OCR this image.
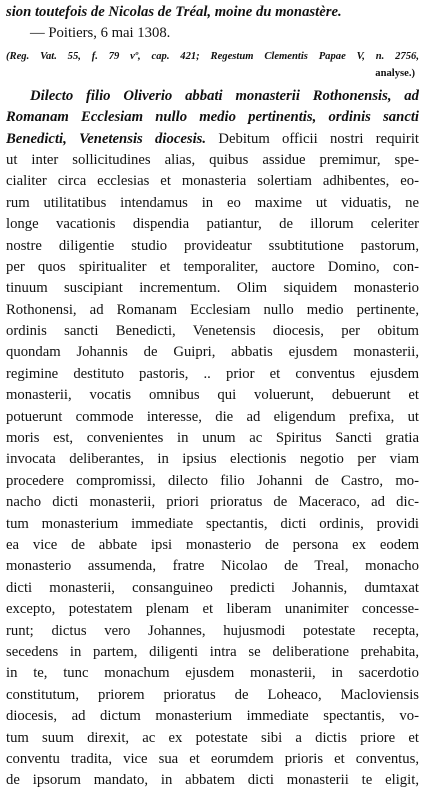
sion toutefois de Nicolas de Tréal, moine du monastère.
— Poitiers, 6 mai 1308.
(Reg. Vat. 55, f. 79 vº, cap. 421; Regestum Clementis Papae V, n. 2756,
analyse.)
Dilecto filio Oliverio abbati monasterii Rothonensis, ad
Romanam Ecclesiam nullo medio pertinentis, ordinis sancti
Benedicti, Venetensis diocesis. Debitum officii nostri requirit
ut inter sollicitudines alias, quibus assidue premimur, spe-
cialiter circa ecclesias et monasteria solertiam adhibentes, eo-
rum utilitatibus intendamus in eo maxime ut viduatis, ne
longe vacationis dispendia patiantur, de illorum celeriter
nostre diligentie studio provideatur ssubtitutione pastorum,
per quos spiritualiter et temporaliter, auctore Domino, con-
tinuum suscipiant incrementum. Olim siquidem monasterio
Rothonensi, ad Romanam Ecclesiam nullo medio pertinente,
ordinis sancti Benedicti, Venetensis diocesis, per obitum
quondam Johannis de Guipri, abbatis ejusdem monasterii,
regimine destituto pastoris, .. prior et conventus ejusdem
monasterii, vocatis omnibus qui voluerunt, debuerunt et
potuerunt commode interesse, die ad eligendum prefixa, ut
moris est, convenientes in unum ac Spiritus Sancti gratia
invocata deliberantes, in ipsius electionis negotio per viam
procedere compromissi, dilecto filio Johanni de Castro, mo-
nacho dicti monasterii, priori prioratus de Maceraco, ad dic-
tum monasterium immediate spectantis, dicti ordinis, providi
ea vice de abbate ipsi monasterio de persona ex eodem
monasterio assumenda, fratre Nicolao de Treal, monacho
dicti monasterii, consanguineo predicti Johannis, dumtaxat
excepto, potestatem plenam et liberam unanimiter concesse-
runt; dictus vero Johannes, hujusmodi potestate recepta,
secedens in partem, diligenti intra se deliberatione prehabita,
in te, tunc monachum ejusdem monasterii, in sacerdotio
constitutum, priorem prioratus de Loheaco, Macloviensis
diocesis, ad dictum monasterium immediate spectantis, vo-
tum suum direxit, ac ex potestate sibi a dictis priore et
conventu tradita, vice sua et eorumdem prioris et conventus,
de ipsorum mandato, in abbatem dicti monasterii te eligit,
